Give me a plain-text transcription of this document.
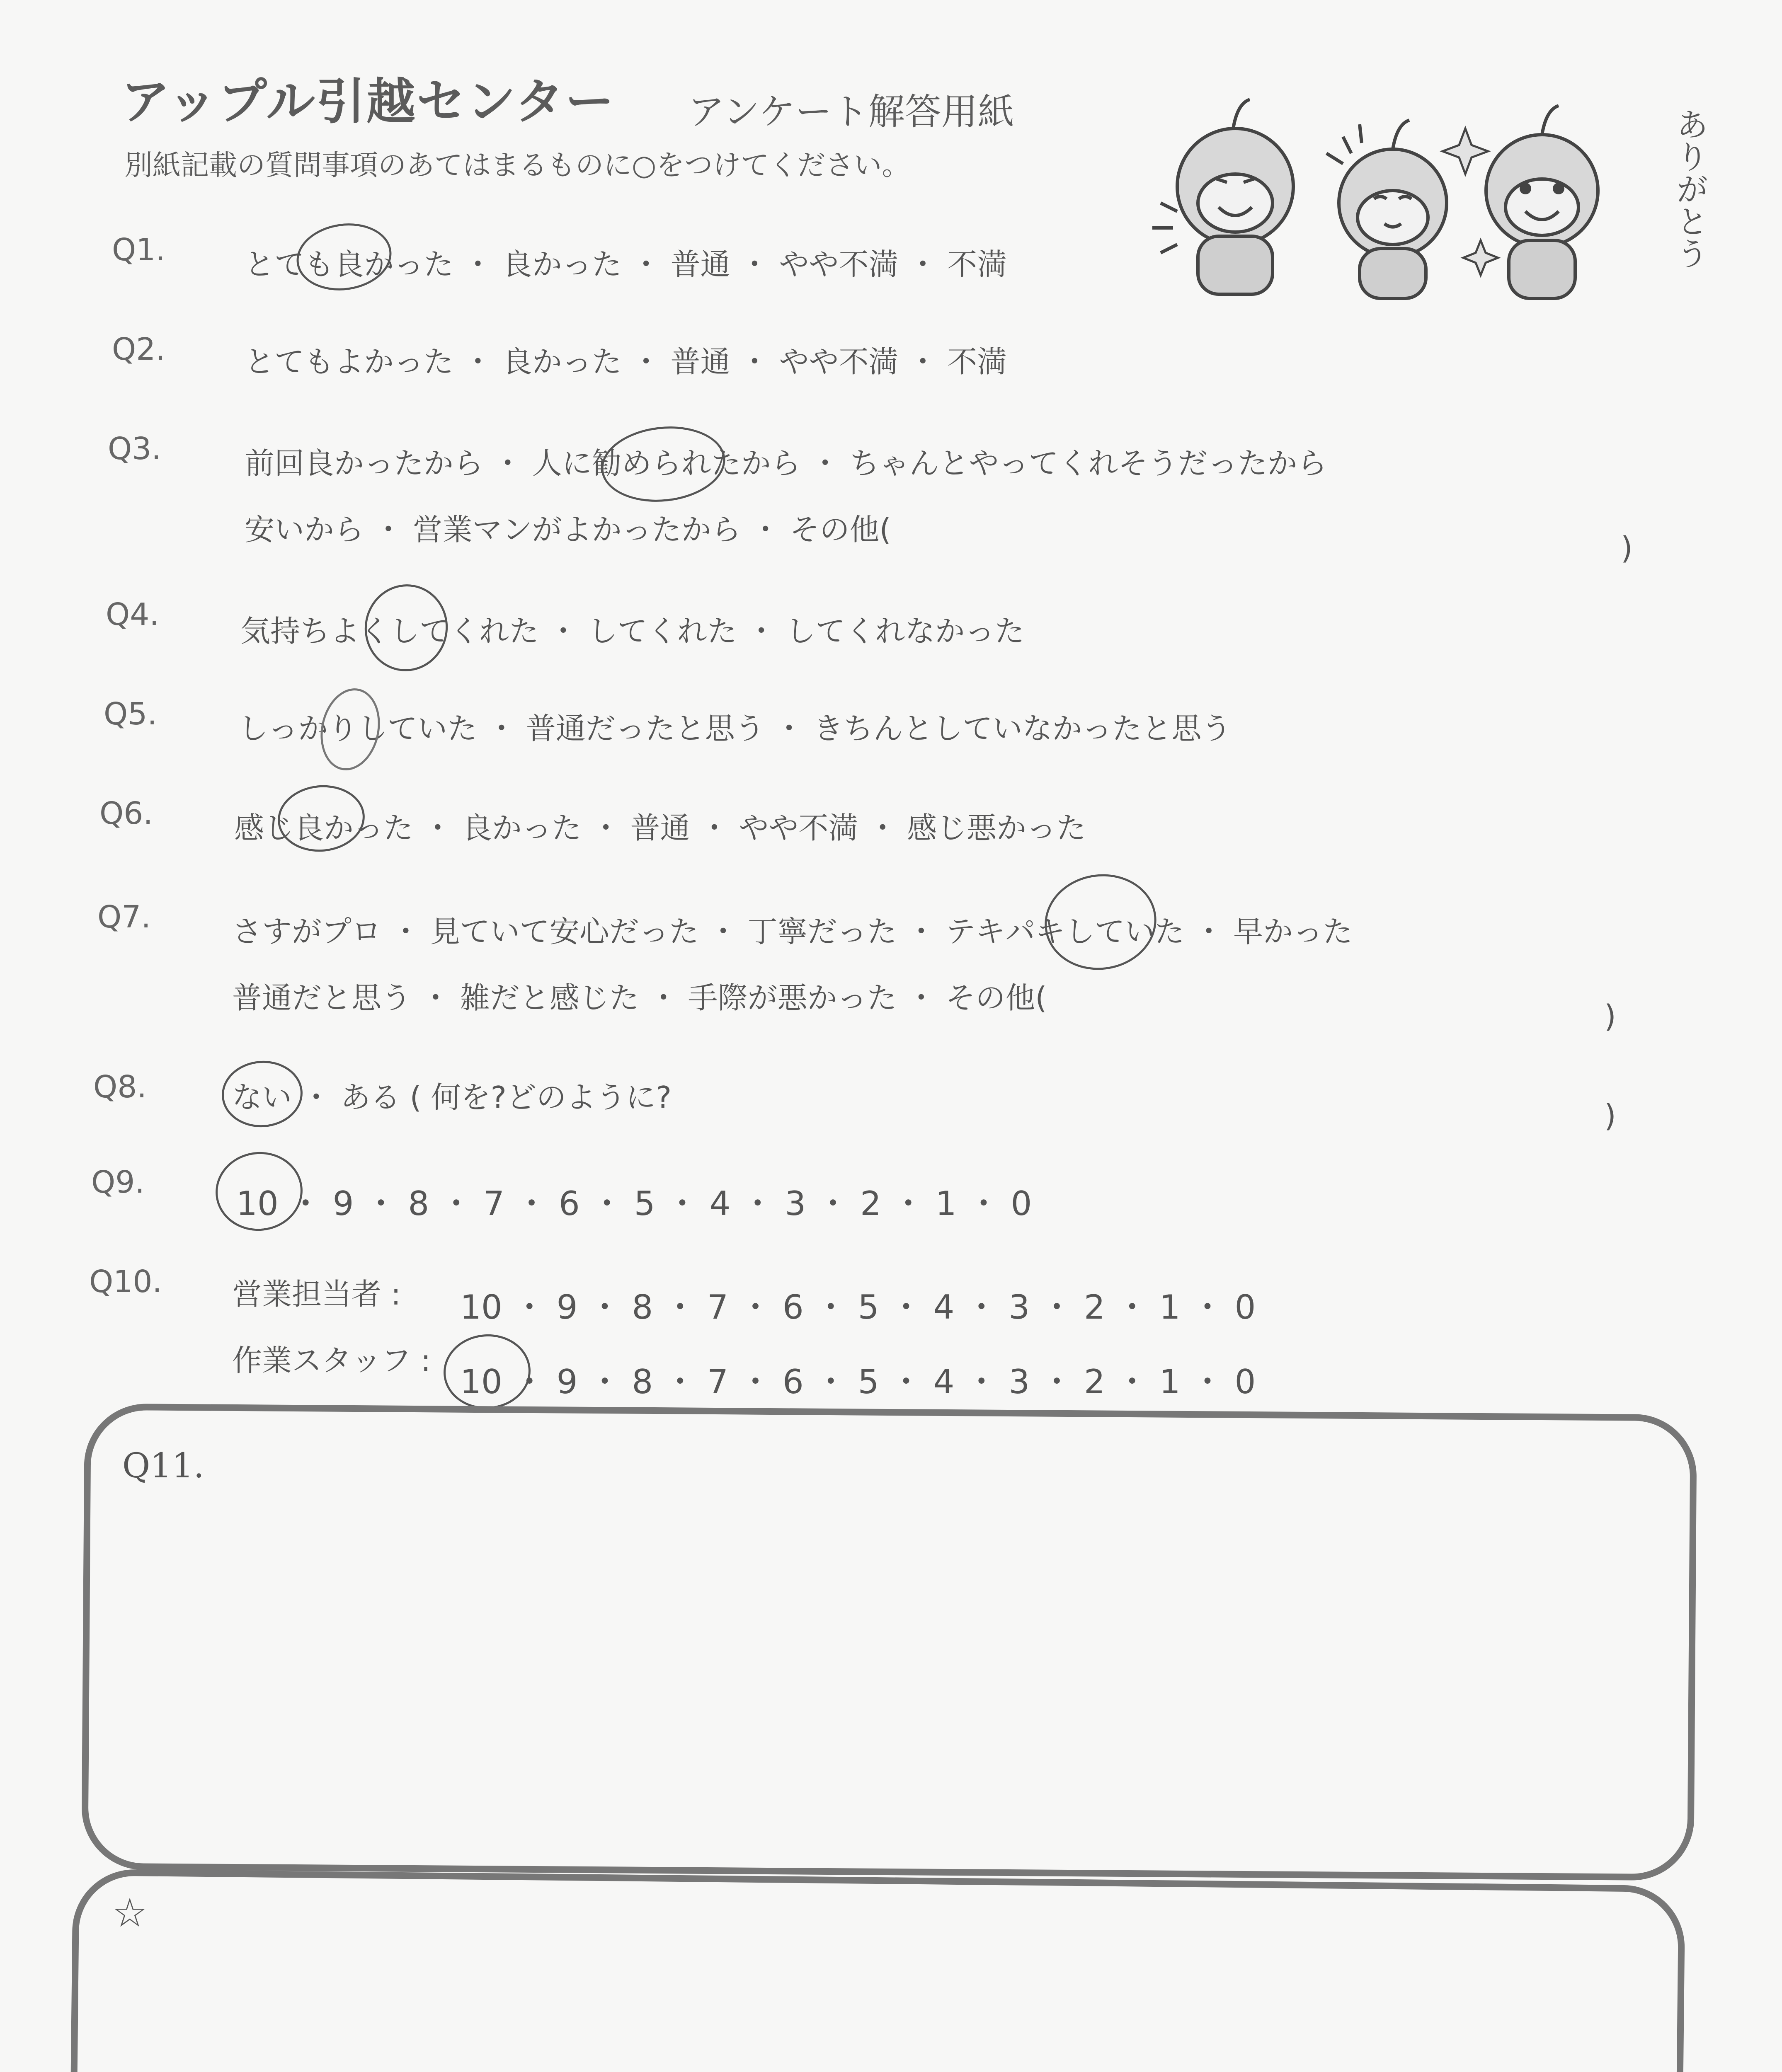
アップル引越センター アンケート解答用紙
別紙記載の質問事項のあてはまるものに○をつけてください。	ありがとう
Q1.	とても良かった ・ 良かった ・ 普通 ・ やや不満 ・ 不満
Q2.	とてもよかった ・ 良かった ・ 普通 ・ やや不満 ・ 不満
Q3.	前回良かったから ・ 人に勧められたから ・ ちゃんとやってくれそうだったから
安いから ・ 営業マンがよかったから ・ その他(
)
Q4.	気持ちよくしてくれた ・ してくれた ・ してくれなかった
Q5.	しっかりしていた ・ 普通だったと思う ・ きちんとしていなかったと思う
Q6.	感じ良かった ・ 良かった ・ 普通 ・ やや不満 ・ 感じ悪かった
Q7.	さすがプロ ・ 見ていて安心だった ・ 丁寧だった ・ テキパキしていた ・ 早かった
普通だと思う ・ 雑だと感じた ・ 手際が悪かった ・ その他(
)
Q8.	ない ・ ある ( 何を?どのように?
)
Q9.
10 ・ 9 ・ 8 ・ 7 ・ 6 ・ 5 ・ 4 ・ 3 ・ 2 ・ 1 ・ 0
Q10. 営業担当者 : 10 ・ 9 ・ 8 ・ 7 ・ 6 ・ 5 ・ 4 ・ 3 ・ 2 ・ 1 ・ 0
作業スタッフ :
10 ・ 9 ・ 8 ・ 7 ・ 6 ・ 5 ・ 4 ・ 3 ・ 2 ・ 1 ・ 0
Q11.
☆
